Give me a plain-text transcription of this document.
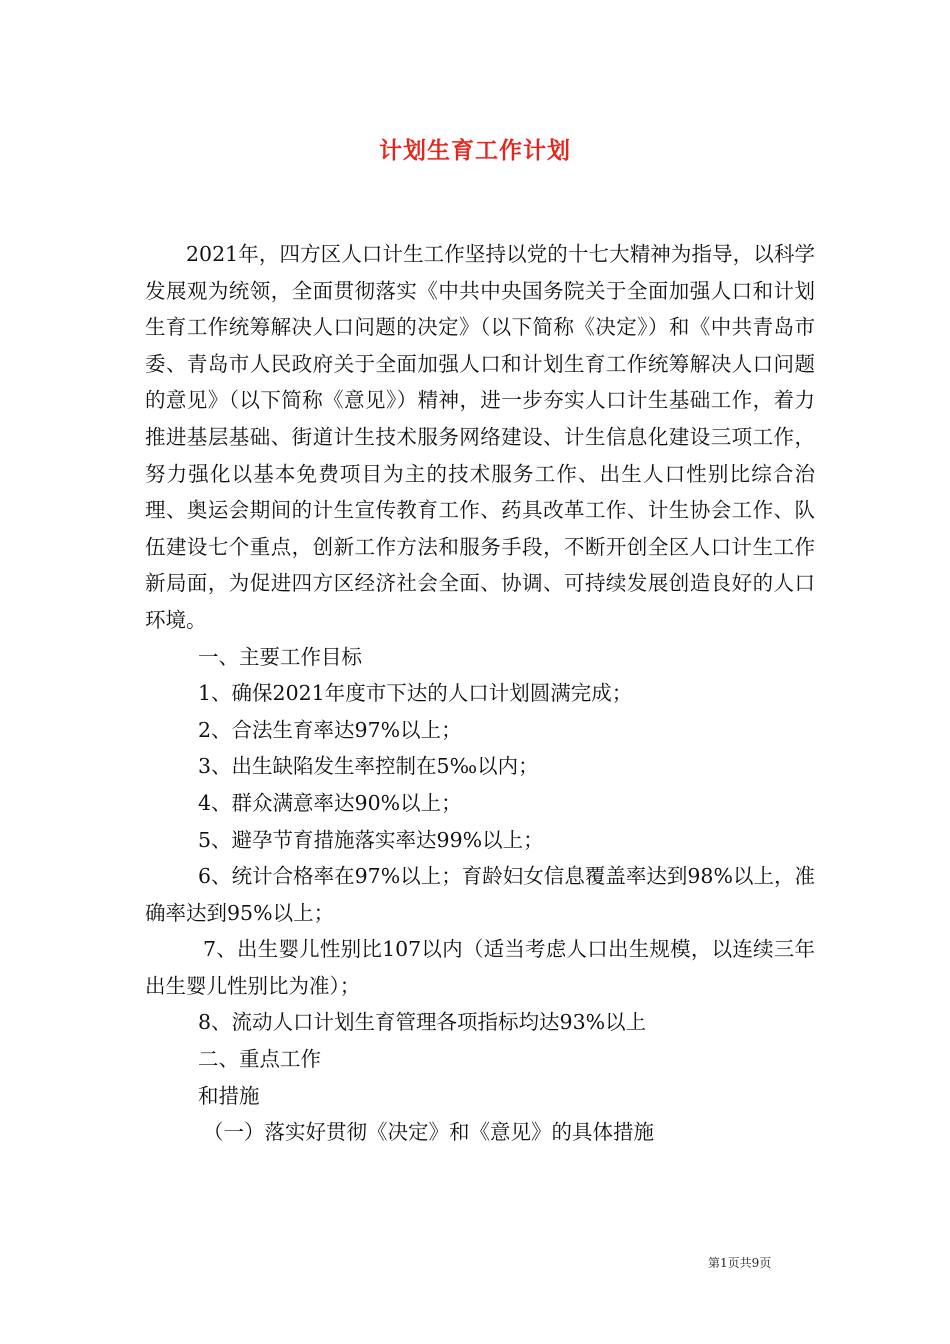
计划生育工作计划

2021年，四方区人口计生工作坚持以党的十七大精神为指导，以科学发展观为统领，全面贯彻落实《中共中央国务院关于全面加强人口和计划生育工作统筹解决人口问题的决定》（以下简称《决定》）和《中共青岛市委、青岛市人民政府关于全面加强人口和计划生育工作统筹解决人口问题的意见》（以下简称《意见》）精神，进一步夯实人口计生基础工作，着力推进基层基础、街道计生技术服务网络建设、计生信息化建设三项工作，努力强化以基本免费项目为主的技术服务工作、出生人口性别比综合治理、奥运会期间的计生宣传教育工作、药具改革工作、计生协会工作、队伍建设七个重点，创新工作方法和服务手段，不断开创全区人口计生工作新局面，为促进四方区经济社会全面、协调、可持续发展创造良好的人口环境。

一、主要工作目标

1、确保2021年度市下达的人口计划圆满完成；

2、合法生育率达97%以上；

3、出生缺陷发生率控制在5‰以内；

4、群众满意率达90%以上；

5、避孕节育措施落实率达99%以上；

6、统计合格率在97%以上；育龄妇女信息覆盖率达到98%以上，准确率达到95%以上；

7、出生婴儿性别比107以内（适当考虑人口出生规模，以连续三年出生婴儿性别比为准）；

8、流动人口计划生育管理各项指标均达93%以上

二、重点工作

和措施

（一）落实好贯彻《决定》和《意见》的具体措施

第1页共9页
